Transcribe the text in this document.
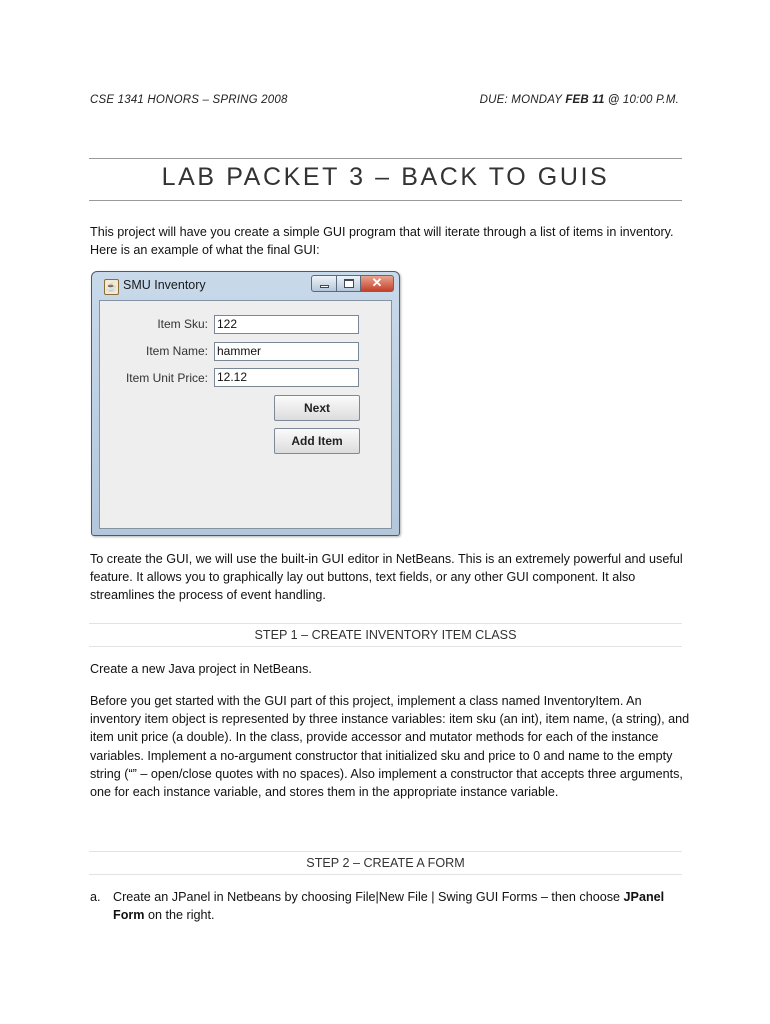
CSE 1341 HONORS – SPRING 2008	DUE: MONDAY FEB 11 @ 10:00 P.M.
LAB PACKET 3 – BACK TO GUIS

This project will have you create a simple GUI program that will iterate through a list of items in inventory. Here is an example of what the final GUI:

☕ SMU Inventory	✕
Item Sku: 122
Item Name: hammer
Item Unit Price: 12.12
Next
Add Item

To create the GUI, we will use the built-in GUI editor in NetBeans. This is an extremely powerful and useful feature. It allows you to graphically lay out buttons, text fields, or any other GUI component. It also streamlines the process of event handling.

STEP 1 – CREATE INVENTORY ITEM CLASS

Create a new Java project in NetBeans.

Before you get started with the GUI part of this project, implement a class named InventoryItem. An inventory item object is represented by three instance variables: item sku (an int), item name, (a string), and item unit price (a double). In the class, provide accessor and mutator methods for each of the instance variables. Implement a no-argument constructor that initialized sku and price to 0 and name to the empty string (“” – open/close quotes with no spaces). Also implement a constructor that accepts three arguments, one for each instance variable, and stores them in the appropriate instance variable.

STEP 2 – CREATE A FORM
a. Create an JPanel in Netbeans by choosing File|New File | Swing GUI Forms – then choose JPanel
Form on the right.
